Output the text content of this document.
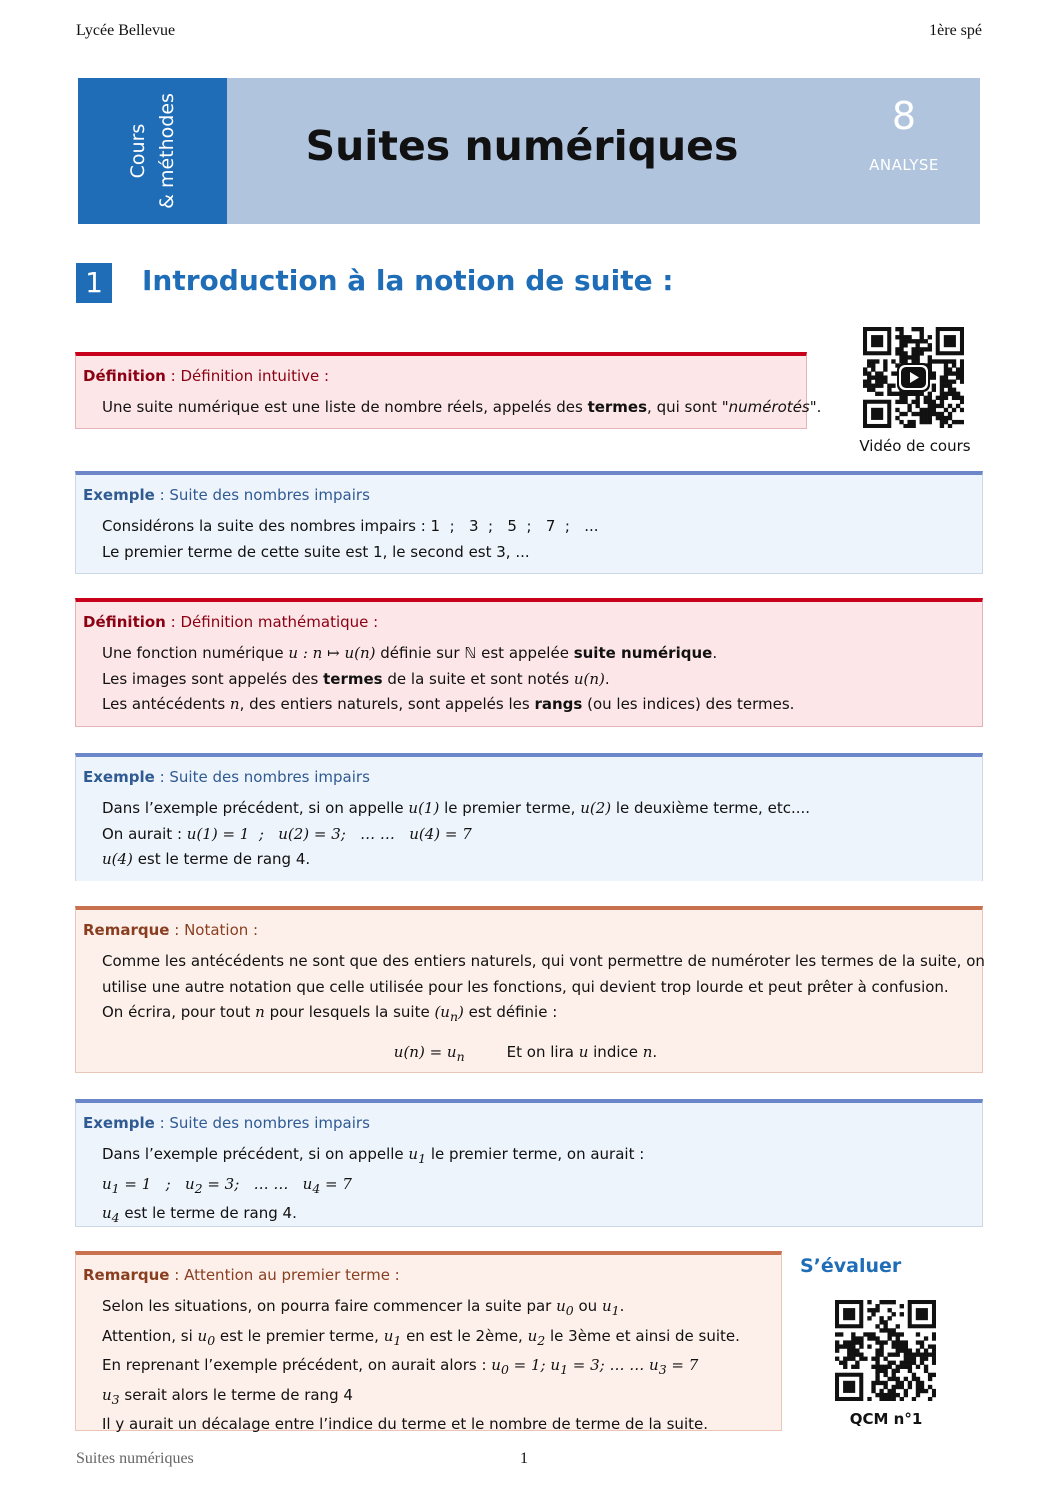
Lycée Bellevue	1ère spé
Cours & méthodes	Suites numériques
8
ANALYSE
1	Introduction à la notion de suite :
Vidéo de cours
Définition : Définition intuitive :
Une suite numérique est une liste de nombre réels, appelés des termes, qui sont "numérotés".
Exemple : Suite des nombres impairs
Considérons la suite des nombres impairs : 1  ;   3  ;   5  ;   7  ;   ...
Le premier terme de cette suite est 1, le second est 3, ...
Définition : Définition mathématique :
Une fonction numérique u : n ↦ u(n) définie sur ℕ est appelée suite numérique.
Les images sont appelés des termes de la suite et sont notés u(n).
Les antécédents n, des entiers naturels, sont appelés les rangs (ou les indices) des termes.
Exemple : Suite des nombres impairs
Dans l’exemple précédent, si on appelle u(1) le premier terme, u(2) le deuxième terme, etc....
On aurait : u(1) = 1  ;   u(2) = 3;   … …   u(4) = 7
u(4) est le terme de rang 4.
Remarque : Notation :
Comme les antécédents ne sont que des entiers naturels, qui vont permettre de numéroter les termes de la suite, on
utilise une autre notation que celle utilisée pour les fonctions, qui devient trop lourde et peut prêter à confusion.
On écrira, pour tout n pour lesquels la suite $(u_n)$ est définie :
$u(n) = u_n$	Et on lira u indice n.
Exemple : Suite des nombres impairs
Dans l’exemple précédent, si on appelle $u_1$ le premier terme, on aurait :
$u_1 = 1$   ;   $u_2 = 3$;   … …   $u_4 = 7$
$u_4$ est le terme de rang 4.
Remarque : Attention au premier terme :
Selon les situations, on pourra faire commencer la suite par $u_0$ ou $u_1$.
Attention, si $u_0$ est le premier terme, $u_1$ en est le 2ème, $u_2$ le 3ème et ainsi de suite.
En reprenant l’exemple précédent, on aurait alors : $u_0 = 1$; $u_1 = 3$; … … $u_3 = 7$
$u_3$ serait alors le terme de rang 4
Il y aurait un décalage entre l’indice du terme et le nombre de terme de la suite.
S’évaluer
QCM n°1
Suites numériques	1
